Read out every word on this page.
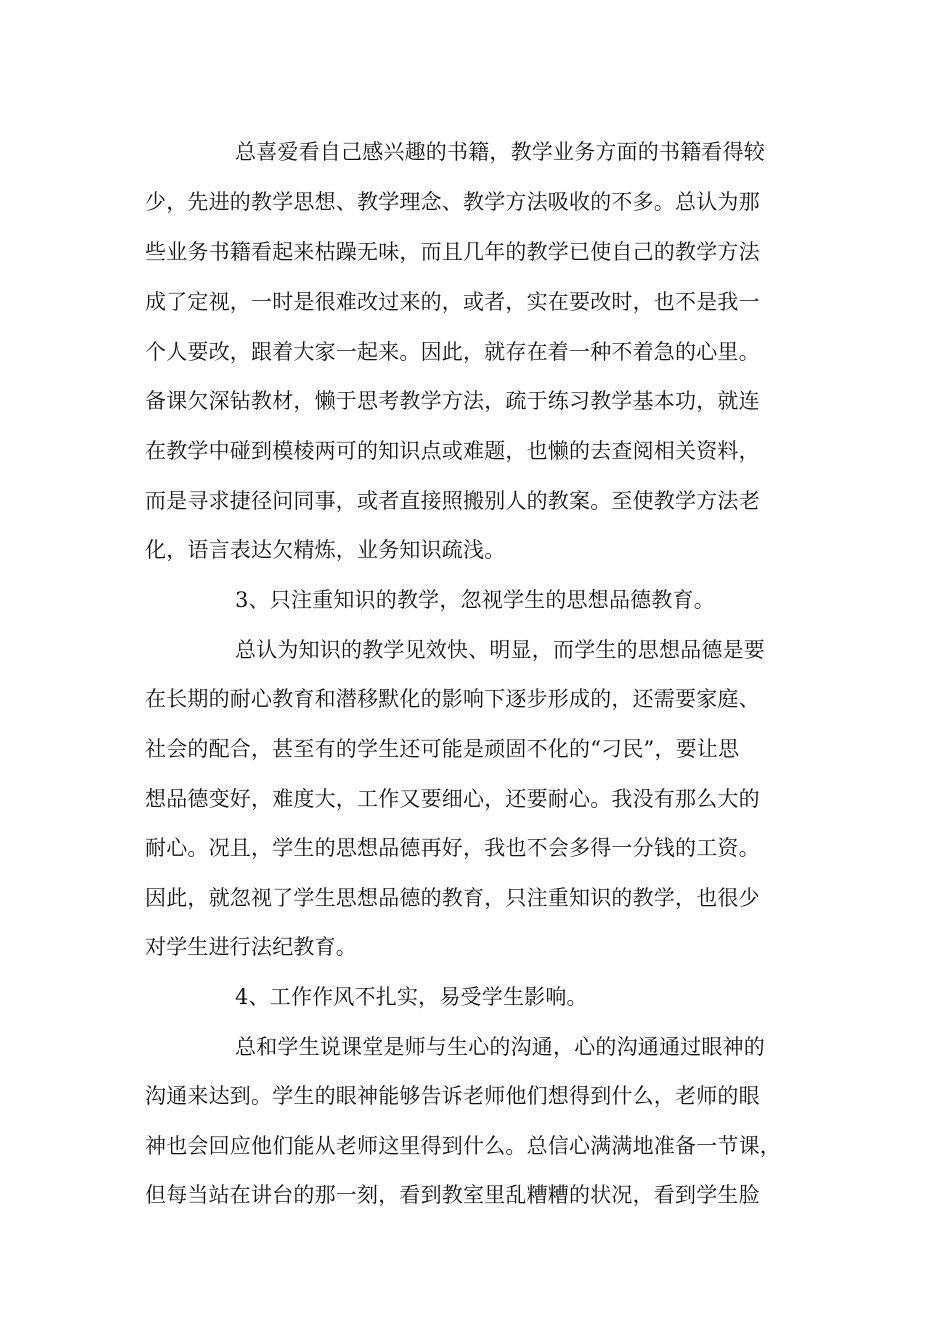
总喜爱看自己感兴趣的书籍，教学业务方面的书籍看得较
少，先进的教学思想、教学理念、教学方法吸收的不多。总认为那
些业务书籍看起来枯躁无味，而且几年的教学已使自己的教学方法
成了定视，一时是很难改过来的，或者，实在要改时，也不是我一
个人要改，跟着大家一起来。因此，就存在着一种不着急的心里。
备课欠深钻教材，懒于思考教学方法，疏于练习教学基本功，就连
在教学中碰到模棱两可的知识点或难题，也懒的去查阅相关资料，
而是寻求捷径问同事，或者直接照搬别人的教案。至使教学方法老
化，语言表达欠精炼，业务知识疏浅。
3、只注重知识的教学，忽视学生的思想品德教育。
总认为知识的教学见效快、明显，而学生的思想品德是要
在长期的耐心教育和潜移默化的影响下逐步形成的，还需要家庭、
社会的配合，甚至有的学生还可能是顽固不化的“刁民”，要让思
想品德变好，难度大，工作又要细心，还要耐心。我没有那么大的
耐心。况且，学生的思想品德再好，我也不会多得一分钱的工资。
因此，就忽视了学生思想品德的教育，只注重知识的教学，也很少
对学生进行法纪教育。
4、工作作风不扎实，易受学生影响。
总和学生说课堂是师与生心的沟通，心的沟通通过眼神的
沟通来达到。学生的眼神能够告诉老师他们想得到什么，老师的眼
神也会回应他们能从老师这里得到什么。总信心满满地准备一节课，
但每当站在讲台的那一刻，看到教室里乱糟糟的状况，看到学生脸
